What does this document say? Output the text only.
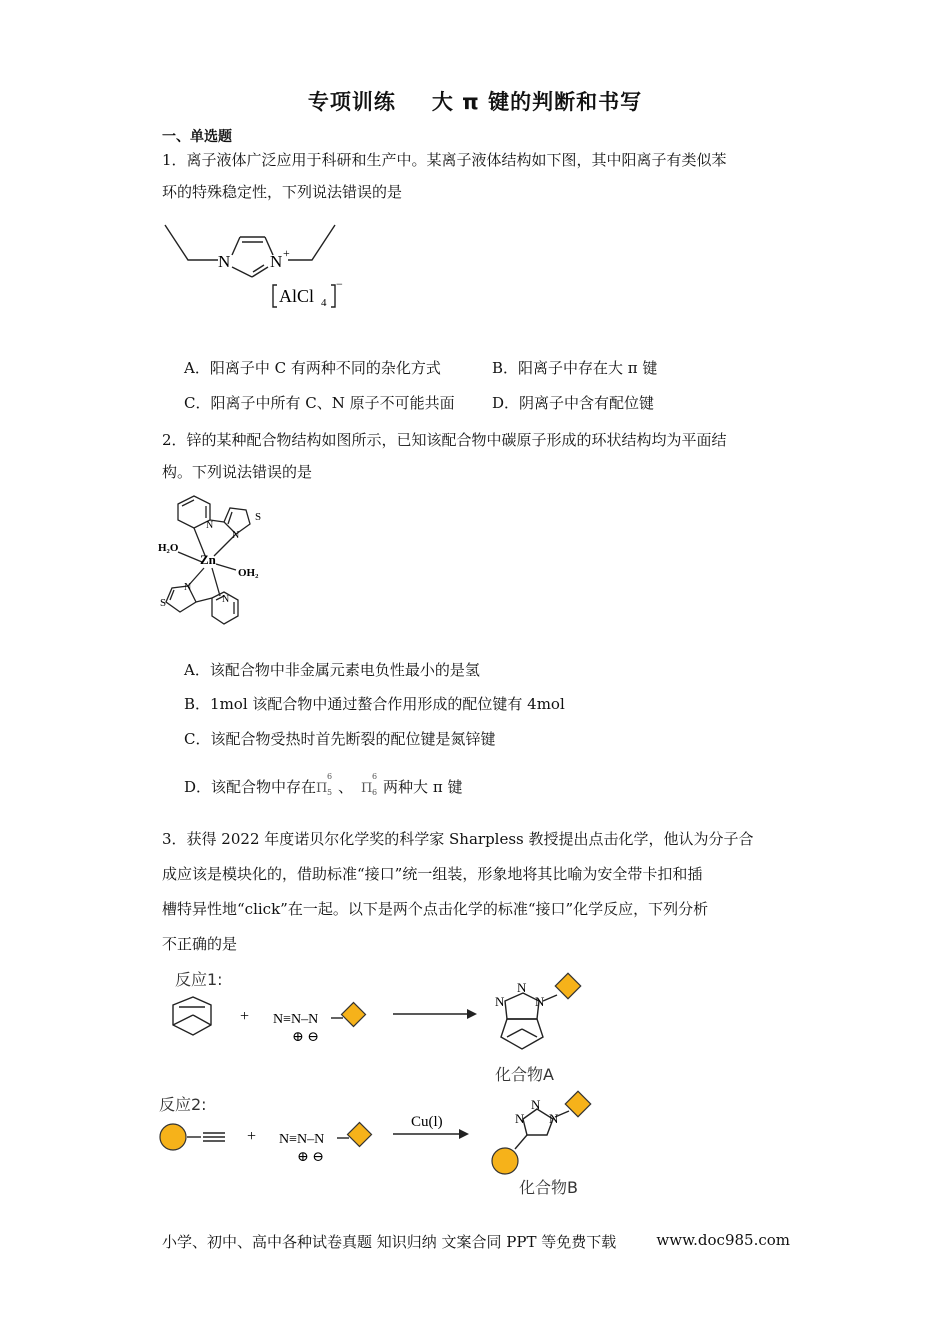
专项训练 大 π 键的判断和书写
一、单选题
1．离子液体广泛应用于科研和生产中。某离子液体结构如下图，其中阳离子有类似苯
环的特殊稳定性，下列说法错误的是
N N +
AlCl 4
−
A．阳离子中 C 有两种不同的杂化方式	B．阳离子中存在大 π 键
C．阳离子中所有 C、N 原子不可能共面 D．阴离子中含有配位键
2．锌的某种配合物结构如图所示，已知该配合物中碳原子形成的环状结构均为平面结
构。下列说法错误的是
Zn
H₂O
OH₂
S
S
N
N
N
N
A．该配合物中非金属元素电负性最小的是氢
B．1mol 该配合物中通过螯合作用形成的配位键有 4mol
C．该配合物受热时首先断裂的配位键是氮锌键
D．该配合物中存在Π
6
5 、 Π
6
6 两种大 π 键
3．获得 2022 年度诺贝尔化学奖的科学家 Sharpless 教授提出点击化学，他认为分子合
成应该是模块化的，借助标准“接口”统一组装，形象地将其比喻为安全带卡扣和插
槽特异性地“click”在一起。以下是两个点击化学的标准“接口”化学反应，下列分析
不正确的是
反应1:
+ N≡N–N
⊕ ⊖
N
N
N
化合物A
反应2:
+ N≡N–N
⊕ ⊖
Cu(l)	N
N
N
化合物B
小学、初中、高中各种试卷真题 知识归纳 文案合同 PPT 等免费下载	www.doc985.com
